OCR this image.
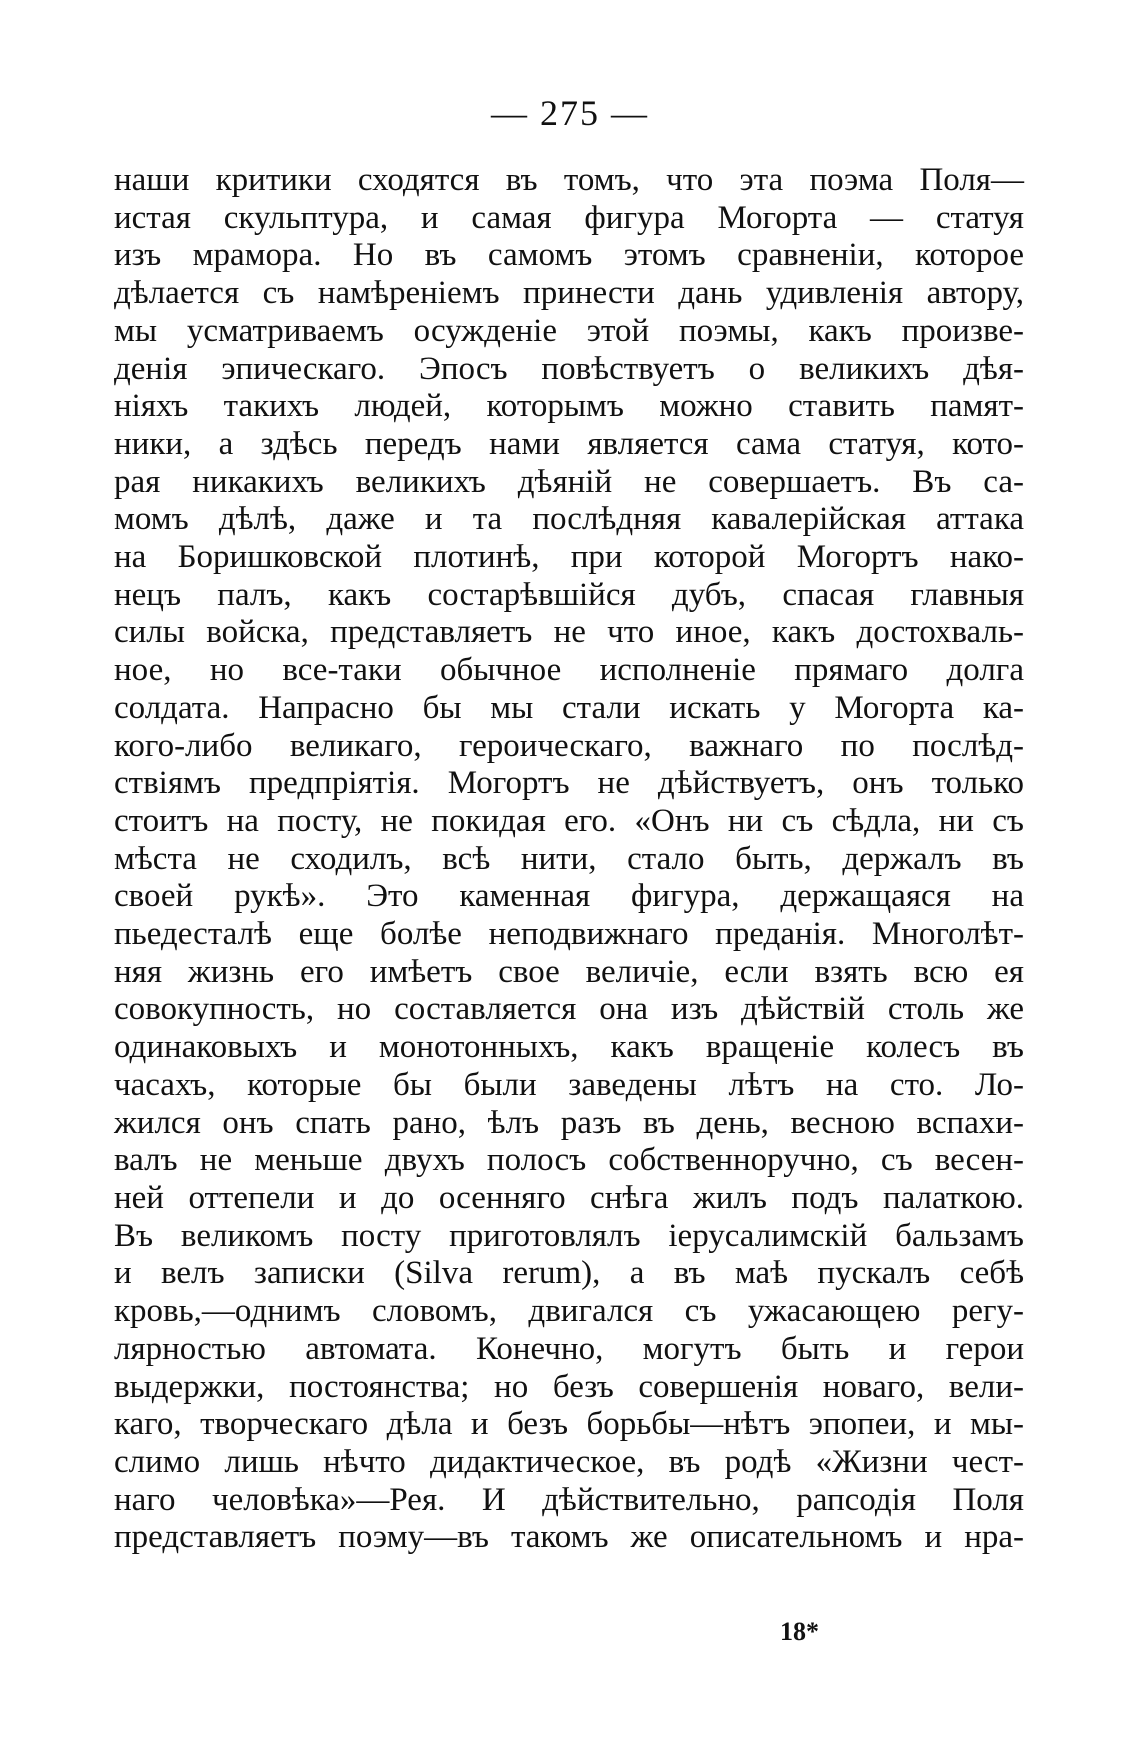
— 275 —

наши критики сходятся въ томъ, что эта поэма Поля—
истая скульптура, и самая фигура Могорта — статуя
изъ мрамора. Но въ самомъ этомъ сравненіи, которое
дѣлается съ намѣреніемъ принести дань удивленія автору,
мы усматриваемъ осужденіе этой поэмы, какъ произве-
денія эпическаго. Эпосъ повѣствуетъ о великихъ дѣя-
ніяхъ такихъ людей, которымъ можно ставить памят-
ники, а здѣсь передъ нами является сама статуя, кото-
рая никакихъ великихъ дѣяній не совершаетъ. Въ са-
момъ дѣлѣ, даже и та послѣдняя кавалерійская аттака
на Боришковской плотинѣ, при которой Могортъ нако-
нецъ палъ, какъ состарѣвшійся дубъ, спасая главныя
силы войска, представляетъ не что иное, какъ достохваль-
ное, но все-таки обычное исполненіе прямаго долга
солдата. Напрасно бы мы стали искать у Могорта ка-
кого-либо великаго, героическаго, важнаго по послѣд-
ствіямъ предпріятія. Могортъ не дѣйствуетъ, онъ только
стоитъ на посту, не покидая его. «Онъ ни съ сѣдла, ни съ
мѣста не сходилъ, всѣ нити, стало быть, держалъ въ
своей рукѣ». Это каменная фигура, держащаяся на
пьедесталѣ еще болѣе неподвижнаго преданія. Многолѣт-
няя жизнь его имѣетъ свое величіе, если взять всю ея
совокупность, но составляется она изъ дѣйствій столь же
одинаковыхъ и монотонныхъ, какъ вращеніе колесъ въ
часахъ, которые бы были заведены лѣтъ на сто. Ло-
жился онъ спать рано, ѣлъ разъ въ день, весною вспахи-
валъ не меньше двухъ полосъ собственноручно, съ весен-
ней оттепели и до осенняго снѣга жилъ подъ палаткою.
Въ великомъ посту приготовлялъ іерусалимскій бальзамъ
и велъ записки (Silva rerum), а въ маѣ пускалъ себѣ
кровь,—однимъ словомъ, двигался съ ужасающею регу-
лярностью автомата. Конечно, могутъ быть и герои
выдержки, постоянства; но безъ совершенія новаго, вели-
каго, творческаго дѣла и безъ борьбы—нѣтъ эпопеи, и мы-
слимо лишь нѣчто дидактическое, въ родѣ «Жизни чест-
наго человѣка»—Рея. И дѣйствительно, рапсодія Поля
представляетъ поэму—въ такомъ же описательномъ и нра-

18*
